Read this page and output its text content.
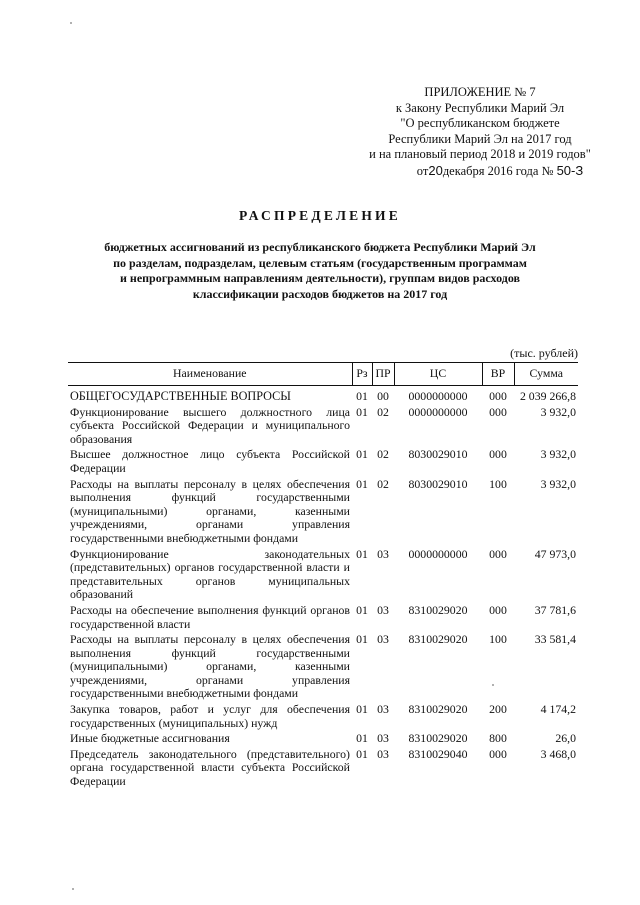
ПРИЛОЖЕНИЕ № 7
к Закону Республики Марий Эл
"О республиканском бюджете
Республики Марий Эл на 2017 год
и на плановый период 2018 и 2019 годов"
от20декабря 2016 года № 50-З
РАСПРЕДЕЛЕНИЕ
бюджетных ассигнований из республиканского бюджета Республики Марий Эл
по разделам, подразделам, целевым статьям (государственным программам
и непрограммным направлениям деятельности), группам видов расходов
классификации расходов бюджетов на 2017 год
(тыс. рублей)
Наименование	Рз	ПР	ЦС	ВР	Сумма
ОБЩЕГОСУДАРСТВЕННЫЕ ВОПРОСЫ	01	00	0000000000	000	2 039 266,8
Функционирование высшего должностного лица субъекта Российской Федерации и муниципального образования	01	02	0000000000	000	3 932,0
Высшее должностное лицо субъекта Российской Федерации	01	02	8030029010	000	3 932,0
Расходы на выплаты персоналу в целях обеспечения выполнения функций государственными (муниципальными) органами, казенными учреждениями, органами управления государственными внебюджетными фондами	01	02	8030029010	100	3 932,0
Функционирование законодательных (представительных) органов государственной власти и представительных органов муниципальных образований	01	03	0000000000	000	47 973,0
Расходы на обеспечение выполнения функций органов государственной власти	01	03	8310029020	000	37 781,6
Расходы на выплаты персоналу в целях обеспечения выполнения функций государственными (муниципальными) органами, казенными учреждениями, органами управления государственными внебюджетными фондами	01	03	8310029020	100	33 581,4
Закупка товаров, работ и услуг для обеспечения государственных (муниципальных) нужд	01	03	8310029020	200	4 174,2
Иные бюджетные ассигнования	01	03	8310029020	800	26,0
Председатель законодательного (представительного) органа государственной власти субъекта Российской Федерации	01	03	8310029040	000	3 468,0
